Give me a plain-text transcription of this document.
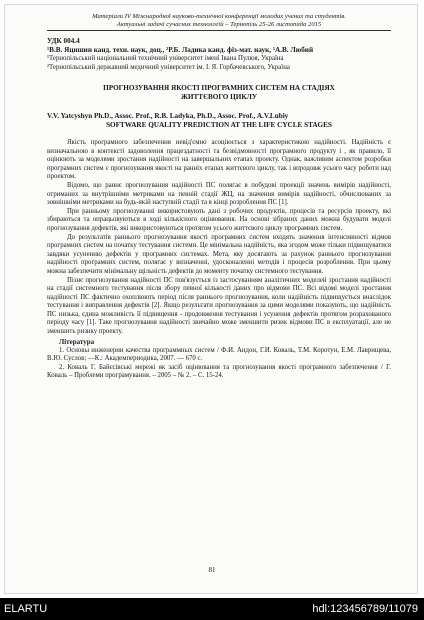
Матеріали IV Міжнародної науково-технічної конференції молодих учених та студентів.
Актуальні задачі сучасних технологій – Тернопіль 25-26 листопада 2015
УДК 004.4
¹В.В. Яцишин канд. техн. наук, доц., ²Р.Б. Ладика канд. фіз-мат. наук, ¹А.В. Любий
¹Тернопільський національний технічний університет імені Івана Пулюя, Україна
²Тернопільський державний медичний університет ім. І. Я. Горбачевського, Україна
ПРОГНОЗУВАННЯ ЯКОСТІ ПРОГРАМНИХ СИСТЕМ НА СТАДІЯХ ЖИТТЄВОГО ЦИКЛУ
V.V. Yatcyshyn Ph.D., Assoc. Prof., R.B. Ladyka, Ph.D., Assoc. Prof., A.V.Lubiy
SOFTWARE QUALITY PREDICTION AT THE LIFE CYCLE STAGES

Якість програмного забезпечення невід'ємно асоціюється з характеристикою надійності. Надійність є визначальною в контексті задоволення працездатності та безвідмовності програмного продукту і , як правило, її оцінюють за моделями зростання надійності на завершальних етапах проекту. Однак, важливим аспектом розробки програмних систем є прогнозування якості на ранніх етапах життєвого циклу, так і впродовж усього часу роботи над проектом.

Відомо, що раннє прогнозування надійності ПС полягає в побудові проекції значень вимірів надійності, отриманих за внутрішніми метриками на певній стадії ЖЦ, на значення вимірів надійності, обчислюваних за зовнішніми метриками на будь-якій наступній стадії та в кінці розроблення ПС [1].

При ранньому прогнозуванні використовують дані з робочих продуктів, процесів та ресурсів проекту, які збираються та опрацьовуються в ході кількісного оцінювання. На основі зібраних даних можна будувати моделі прогнозування дефектів, які використовуються протягом усього життєвого циклу програмних систем.

До результатів раннього прогнозування якості програмних систем входять значення інтенсивності відмов програмних систем на початку тестування системи. Це мінімальна надійність, яка згодом може тільки підвищуватися завдяки усуненню дефектів у програмних системах. Мета, яку досягають за рахунок раннього прогнозування надійності програмних систем, полягає у визначенні, удосконаленні методів і процесів розроблення. При цьому можна забезпечити мінімальну щільність дефектів до моменту початку системного тестування.

Пізнє прогнозування надійності ПС пов'язується із застосуванням аналітичних моделей зростання надійності на стадії системного тестування після збору певної кількості даних про відмови ПС. Всі відомі моделі зростання надійності ПС фактично охоплюють період після раннього прогнозування, коли надійність підвищується внаслідок тестування і виправлення дефектів [2]. Якщо результати прогнозування за цими моделями показують, що надійність ПС низька, єдина можливість її підвищення - продовження тестування і усунення дефектів протягом розрахованого періоду часу [1]. Таке прогнозування надійності звичайно може зменшити ризик відмови ПС в експлуатації, але не зменшить ризику проекту.

Література

1. Основы инженерии качества программных систем / Ф.И. Андон, Г.И. Коваль, Т.М. Коротун, Е.М. Лаврищева, В.Ю. Суслов; —К.: Академпериодика, 2007. — 670 с.

2. Коваль Г. Байєсівські мережі як засіб оцінювання та прогнозування якості програмного забезпечення / Г. Коваль – Проблеми програмування. – 2005 – № 2. – С. 15-24.

81
ELARTU	hdl:123456789/11079
